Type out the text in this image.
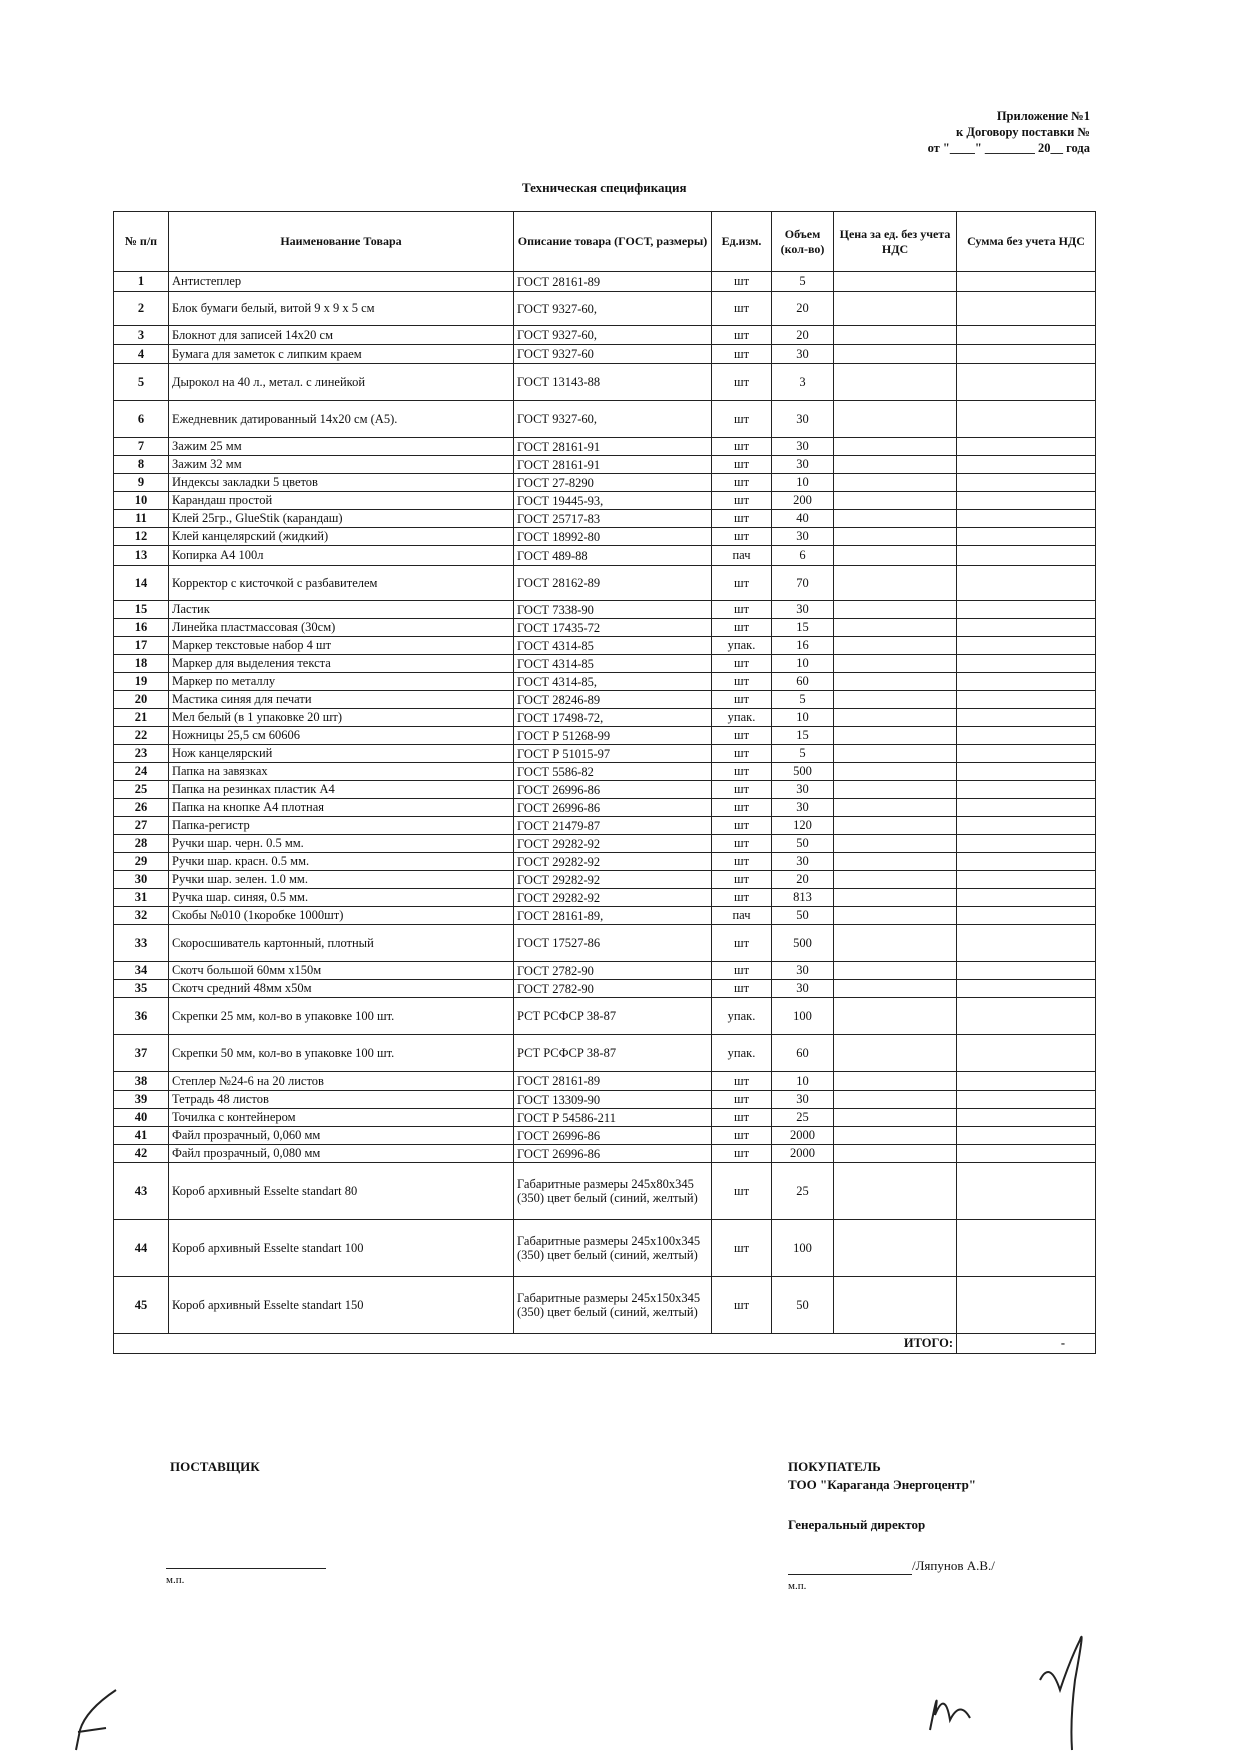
Приложение №1
к Договору поставки №
от "____" ________ 20__ года
Техническая спецификация
№ п/п	Наименование Товара	Описание товара (ГОСТ, размеры)	Ед.изм.	Объем (кол-во)	Цена за ед. без учета НДС	Сумма без учета НДС
1	Антистеплер	ГОСТ 28161-89	шт	5		
2	Блок бумаги белый, витой 9 х 9 х 5 см	ГОСТ 9327-60,	шт	20		
3	Блокнот для записей 14х20 см	ГОСТ 9327-60,	шт	20		
4	Бумага для заметок с липким краем	ГОСТ 9327-60	шт	30		
5	Дырокол на 40 л., метал. с линейкой	ГОСТ 13143-88	шт	3		
6	Ежедневник датированный 14х20 см (А5).	ГОСТ 9327-60,	шт	30		
7	Зажим 25 мм	ГОСТ 28161-91	шт	30		
8	Зажим 32 мм	ГОСТ 28161-91	шт	30		
9	Индексы закладки 5 цветов	ГОСТ 27-8290	шт	10		
10	Карандаш простой	ГОСТ 19445-93,	шт	200		
11	Клей 25гр., GlueStik (карандаш)	ГОСТ 25717-83	шт	40		
12	Клей канцелярский (жидкий)	ГОСТ 18992-80	шт	30		
13	Копирка А4 100л	ГОСТ 489-88	пач	6		
14	Корректор с кисточкой с разбавителем	ГОСТ 28162-89	шт	70		
15	Ластик	ГОСТ 7338-90	шт	30		
16	Линейка пластмассовая (30см)	ГОСТ 17435-72	шт	15		
17	Маркер текстовые набор 4 шт	ГОСТ 4314-85	упак.	16		
18	Маркер для выделения текста	ГОСТ 4314-85	шт	10		
19	Маркер по металлу	ГОСТ 4314-85,	шт	60		
20	Мастика синяя для печати	ГОСТ 28246-89	шт	5		
21	Мел белый (в 1 упаковке 20 шт)	ГОСТ 17498-72,	упак.	10		
22	Ножницы 25,5 см 60606	ГОСТ Р 51268-99	шт	15		
23	Нож канцелярский	ГОСТ Р 51015-97	шт	5		
24	Папка на завязках	ГОСТ 5586-82	шт	500		
25	Папка на резинках пластик А4	ГОСТ 26996-86	шт	30		
26	Папка на кнопке А4 плотная	ГОСТ 26996-86	шт	30		
27	Папка-регистр	ГОСТ 21479-87	шт	120		
28	Ручки шар. черн. 0.5 мм.	ГОСТ 29282-92	шт	50		
29	Ручки шар. красн. 0.5 мм.	ГОСТ 29282-92	шт	30		
30	Ручки шар. зелен. 1.0 мм.	ГОСТ 29282-92	шт	20		
31	Ручка шар. синяя, 0.5 мм.	ГОСТ 29282-92	шт	813		
32	Скобы №010 (1коробке 1000шт)	ГОСТ 28161-89,	пач	50		
33	Скоросшиватель картонный, плотный	ГОСТ 17527-86	шт	500		
34	Скотч большой 60мм х150м	ГОСТ 2782-90	шт	30		
35	Скотч средний 48мм х50м	ГОСТ 2782-90	шт	30		
36	Скрепки 25 мм, кол-во в упаковке 100 шт.	РСТ РСФСР 38-87	упак.	100		
37	Скрепки 50 мм, кол-во в упаковке 100 шт.	РСТ РСФСР 38-87	упак.	60		
38	Степлер №24-6 на 20 листов	ГОСТ 28161-89	шт	10		
39	Тетрадь 48 листов	ГОСТ 13309-90	шт	30		
40	Точилка с контейнером	ГОСТ Р 54586-211	шт	25		
41	Файл прозрачный, 0,060 мм	ГОСТ 26996-86	шт	2000		
42	Файл прозрачный, 0,080 мм	ГОСТ 26996-86	шт	2000		
43	Короб архивный Esselte standart 80	Габаритные размеры 245х80х345 (350) цвет белый (синий, желтый)	шт	25		
44	Короб архивный Esselte standart 100	Габаритные размеры 245х100х345 (350) цвет белый (синий, желтый)	шт	100		
45	Короб архивный Esselte standart 150	Габаритные размеры 245х150х345 (350) цвет белый (синий, желтый)	шт	50		
					ИТОГО:	-
ПОСТАВЩИК
м.п.
ПОКУПАТЕЛЬ
ТОО "Караганда Энергоцентр"
Генеральный директор
/Ляпунов А.В./
м.п.
